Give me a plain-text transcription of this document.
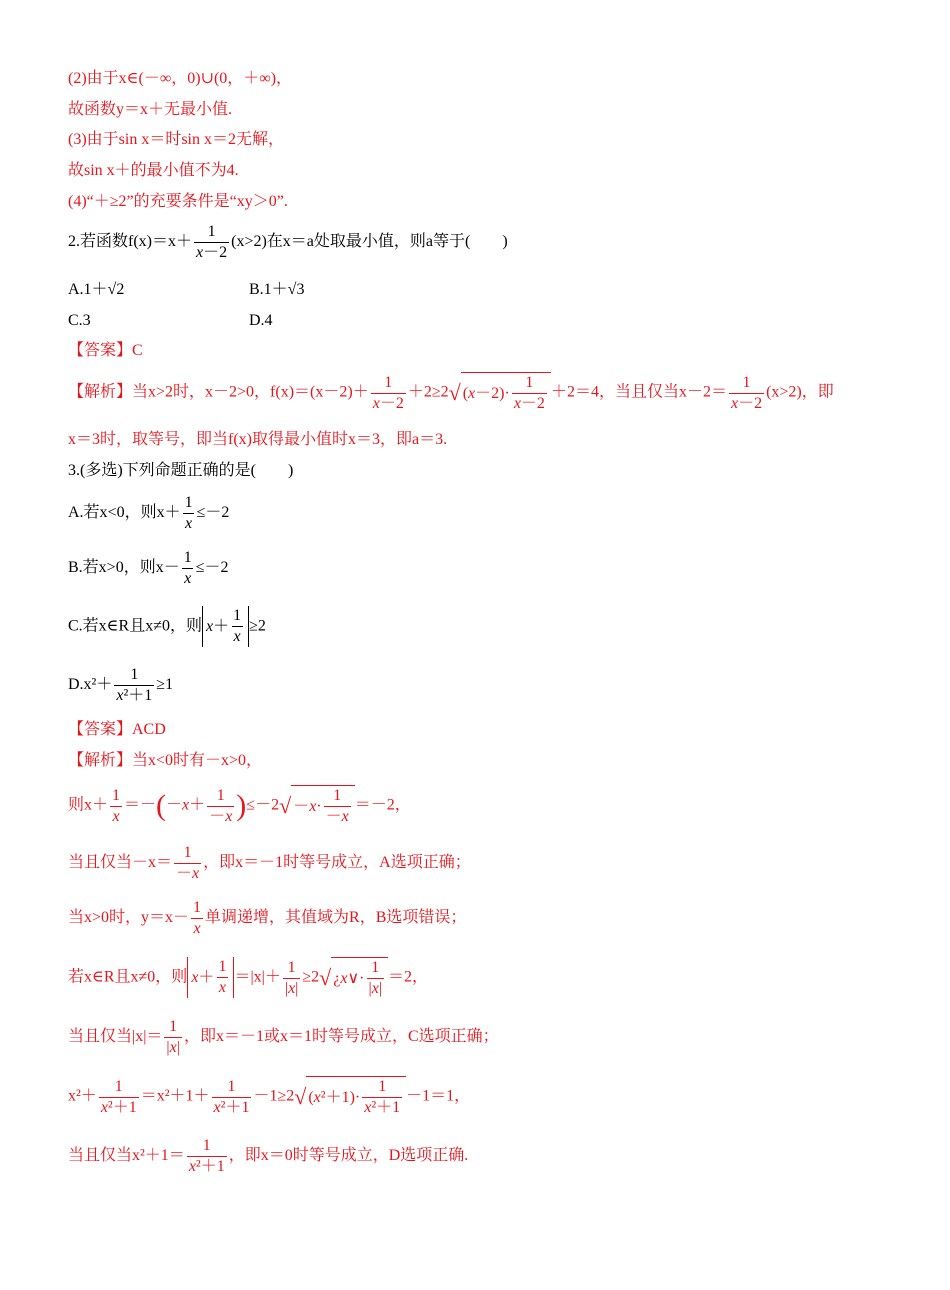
(2)由于x∈(－∞，0)∪(0，＋∞)，
故函数y＝x＋无最小值.
(3)由于sin x＝时sin x＝2无解，
故sin x＋的最小值不为4.
(4)“＋≥2”的充要条件是“xy＞0”.
2.若函数$f(x)=x+ \frac{1}{x-2} (x>2)$在x＝a处取最小值，则a等于(　　)
A.1＋√2	B.1＋√3
C.3	D.4
【答案】C
【解析】当x>2时，x－2>0，$f(x)=(x-2)+ \frac{1}{x-2} +2\ge 2$ √ ( $x -2)\cdot \frac{1}{x-2} +2=4$，当且仅当$x-2= \frac{1}{x-2} (x>2)$，即
x＝3时，取等号，即当f(x)取得最小值时x＝3，即a＝3.
3.(多选)下列命题正确的是(　　)
A.若x<0，则$x+ \frac{1}{x} \le-2$
B.若x>0，则$x- \frac{1}{x} \le-2$
C.若x∈R且x≠0，则 $x + \frac{1}{x} \ge 2$
$D.x^2+ \frac{1}{\text{x²＋1}} \ge 1$
【答案】ACD
【解析】当x<0时有－x>0，
则$x+ \frac{1}{x} =-(-x+ \frac{1}{-x} )\le-2$ √ － $x \cdot \frac{1}{-x} =-2$，
当且仅当$-x= \frac{1}{-x}$ ，即x＝－1时等号成立，A选项正确；
当x>0时，$y=x- \frac{1}{x}$ 单调递增，其值域为R，B选项错误；
若x∈R且x≠0，则 $x + \frac{1}{x} =|x|+ \frac{1}{|x|} \ge 2$ √ ¿ x ∨· $\frac{1}{|x|} =2$，
当且仅当$|x|= \frac{1}{|x|}$ ，即x＝－1或x＝1时等号成立，C选项正确；
$x^2+ \frac{1}{\text{x²＋1}} =x^2+1+ \frac{1}{\text{x²＋1}} -1\ge 2$ √ ( x $^2+1)\cdot \frac{1}{\text{x²＋1}} -1=1$，
当且仅当$x^2+1= \frac{1}{\text{x²＋1}}$ ，即x＝0时等号成立，D选项正确.
